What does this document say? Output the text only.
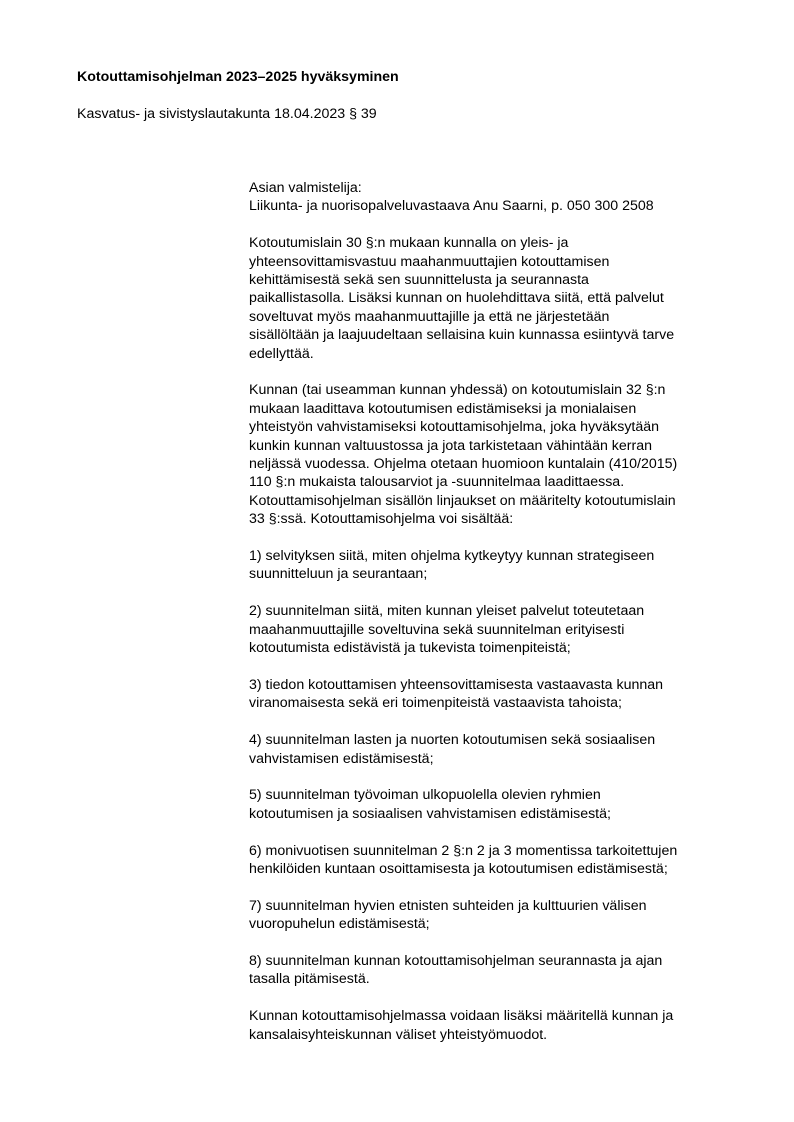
Kotouttamisohjelman 2023–2025 hyväksyminen
Kasvatus- ja sivistyslautakunta 18.04.2023 § 39

Asian valmistelija:

Liikunta- ja nuorisopalveluvastaava Anu Saarni, p. 050 300 2508

Kotoutumislain 30 §:n mukaan kunnalla on yleis- ja
yhteensovittamisvastuu maahanmuuttajien kotouttamisen
kehittämisestä sekä sen suunnittelusta ja seurannasta
paikallistasolla. Lisäksi kunnan on huolehdittava siitä, että palvelut
soveltuvat myös maahanmuuttajille ja että ne järjestetään
sisällöltään ja laajuudeltaan sellaisina kuin kunnassa esiintyvä tarve
edellyttää.
Kunnan (tai useamman kunnan yhdessä) on kotoutumislain 32 §:n
mukaan laadittava kotoutumisen edistämiseksi ja monialaisen
yhteistyön vahvistamiseksi kotouttamisohjelma, joka hyväksytään
kunkin kunnan valtuustossa ja jota tarkistetaan vähintään kerran
neljässä vuodessa. Ohjelma otetaan huomioon kuntalain (410/2015)
110 §:n mukaista talousarviot ja -suunnitelmaa laadittaessa.
Kotouttamisohjelman sisällön linjaukset on määritelty kotoutumislain
33 §:ssä. Kotouttamisohjelma voi sisältää:
1) selvityksen siitä, miten ohjelma kytkeytyy kunnan strategiseen
suunnitteluun ja seurantaan;
2) suunnitelman siitä, miten kunnan yleiset palvelut toteutetaan
maahanmuuttajille soveltuvina sekä suunnitelman erityisesti
kotoutumista edistävistä ja tukevista toimenpiteistä;
3) tiedon kotouttamisen yhteensovittamisesta vastaavasta kunnan
viranomaisesta sekä eri toimenpiteistä vastaavista tahoista;
4) suunnitelman lasten ja nuorten kotoutumisen sekä sosiaalisen
vahvistamisen edistämisestä;
5) suunnitelman työvoiman ulkopuolella olevien ryhmien
kotoutumisen ja sosiaalisen vahvistamisen edistämisestä;
6) monivuotisen suunnitelman 2 §:n 2 ja 3 momentissa tarkoitettujen
henkilöiden kuntaan osoittamisesta ja kotoutumisen edistämisestä;
7) suunnitelman hyvien etnisten suhteiden ja kulttuurien välisen
vuoropuhelun edistämisestä;
8) suunnitelman kunnan kotouttamisohjelman seurannasta ja ajan
tasalla pitämisestä.
Kunnan kotouttamisohjelmassa voidaan lisäksi määritellä kunnan ja
kansalaisyhteiskunnan väliset yhteistyömuodot.
